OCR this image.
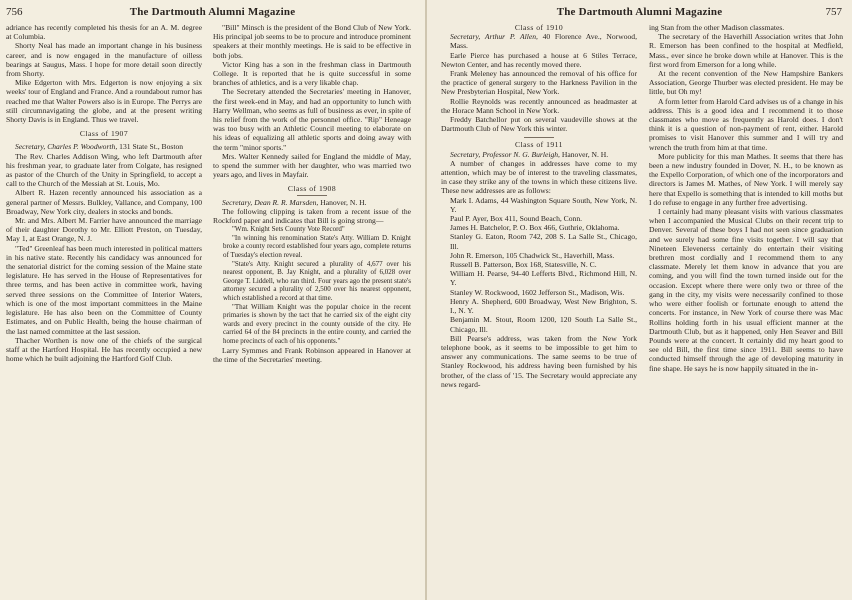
756	The Dartmouth Alumni Magazine

adriance has recently completed his thesis for an A. M. degree at Columbia.

Shorty Neal has made an important change in his business career, and is now engaged in the manufacture of oilless bearings at Saugus, Mass. I hope for more detail soon directly from Shorty.

Mike Edgerton with Mrs. Edgerton is now enjoying a six weeks' tour of England and France. And a roundabout rumor has reached me that Walter Powers also is in Europe. The Perrys are still circumnavigating the globe, and at the present writing Shorty Davis is in England. Thus we travel.

Class of 1907

Secretary, Charles P. Woodworth, 131 State St., Boston

The Rev. Charles Addison Wing, who left Dartmouth after his freshman year, to graduate later from Colgate, has resigned as pastor of the Church of the Unity in Springfield, to accept a call to the Church of the Messiah at St. Louis, Mo.

Albert R. Hazen recently announced his association as a general partner of Messrs. Bulkley, Vallance, and Company, 100 Broadway, New York city, dealers in stocks and bonds.

Mr. and Mrs. Albert M. Farrier have announced the marriage of their daughter Dorothy to Mr. Elliott Preston, on Tuesday, May 1, at East Orange, N. J.

"Ted" Greenleaf has been much interested in political matters in his native state. Recently his candidacy was announced for the senatorial district for the coming session of the Maine state legislature. He has served in the House of Representatives for three terms, and has been active in committee work, having served three sessions on the Committee of Interior Waters, which is one of the most important committees in the Maine legislature. He has also been on the Committee of County Estimates, and on Public Health, being the house chairman of the last named committee at the last session.

Thacher Worthen is now one of the chiefs of the surgical staff at the Hartford Hospital. He has recently occupied a new home which he built adjoining the Hartford Golf Club.

"Bill" Minsch is the president of the Bond Club of New York. His principal job seems to be to procure and introduce prominent speakers at their monthly meetings. He is said to be effective in both jobs.

Victor King has a son in the freshman class in Dartmouth College. It is reported that he is quite successful in some branches of athletics, and is a very likable chap.

The Secretary attended the Secretaries' meeting in Hanover, the first week-end in May, and had an opportunity to lunch with Harry Wellman, who seems as full of business as ever, in spite of his relief from the work of the personnel office. "Rip" Heneage was too busy with an Athletic Council meeting to elaborate on his ideas of equalizing all athletic sports and doing away with the term "minor sports."

Mrs. Walter Kennedy sailed for England the middle of May, to spend the summer with her daughter, who was married two years ago, and lives in Mayfair.

Class of 1908

Secretary, Dean R. R. Marsden, Hanover, N. H.

The following clipping is taken from a recent issue of the Rockford paper and indicates that Bill is going strong—

"Wm. Knight Sets County Vote Record"

"In winning his renomination State's Atty. William D. Knight broke a county record established four years ago, complete returns of Tuesday's election reveal.

"State's Atty. Knight secured a plurality of 4,677 over his nearest opponent, B. Jay Knight, and a plurality of 6,028 over George T. Liddell, who ran third. Four years ago the present state's attorney secured a plurality of 2,500 over his nearest opponent, which established a record at that time.

"That William Knight was the popular choice in the recent primaries is shown by the tact that he carried six of the eight city wards and every precinct in the county outside of the city. He carried 64 of the 84 precincts in the entire county, and carried the home precincts of each of his opponents."

Larry Symmes and Frank Robinson appeared in Hanover at the time of the Secretaries' meeting.

The Dartmouth Alumni Magazine	757

Class of 1910

Secretary, Arthur P. Allen, 40 Florence Ave., Norwood, Mass.

Earle Pierce has purchased a house at 6 Stiles Terrace, Newton Center, and has recently moved there.

Frank Meleney has announced the removal of his office for the practice of general surgery to the Harkness Pavilion in the New Presbyterian Hospital, New York.

Rollie Reynolds was recently announced as headmaster at the Horace Mann School in New York.

Freddy Batchellor put on several vaudeville shows at the Dartmouth Club of New York this winter.

Class of 1911

Secretary, Professor N. G. Burleigh, Hanover, N. H.

A number of changes in addresses have come to my attention, which may be of interest to the traveling classmates, in case they strike any of the towns in which these citizens live. These new addresses are as follows:

Mark I. Adams, 44 Washington Square South, New York, N. Y.

Paul P. Ayer, Box 411, Sound Beach, Conn.

James H. Batchelor, P. O. Box 466, Guthrie, Oklahoma.

Stanley G. Eaton, Room 742, 208 S. La Salle St., Chicago, Ill.

John R. Emerson, 105 Chadwick St., Haverhill, Mass.

Russell B. Patterson, Box 168, Statesville, N. C.

William H. Pearse, 94-40 Lefferts Blvd., Richmond Hill, N. Y.

Stanley W. Rockwood, 1602 Jefferson St., Madison, Wis.

Henry A. Shepherd, 600 Broadway, West New Brighton, S. I., N. Y.

Benjamin M. Stout, Room 1200, 120 South La Salle St., Chicago, Ill.

Bill Pearse's address, was taken from the New York telephone book, as it seems to be impossible to get him to answer any communications. The same seems to be true of Stanley Rockwood, his address having been furnished by his brother, of the class of '15. The Secretary would appreciate any news regard-

ing Stan from the other Madison classmates.

The secretary of the Haverhill Association writes that John R. Emerson has been confined to the hospital at Medfield, Mass., ever since he broke down while at Hanover. This is the first word from Emerson for a long while.

At the recent convention of the New Hampshire Bankers Association, George Thurber was elected president. He may be little, but Oh my!

A form letter from Harold Card advises us of a change in his address. This is a good idea and I recommend it to those classmates who move as frequently as Harold does. I don't think it is a question of non-payment of rent, either. Harold promises to visit Hanover this summer and I will try and wrench the truth from him at that time.

More publicity for this man Mathes. It seems that there has been a new industry founded in Dover, N. H., to be known as the Expello Corporation, of which one of the incorporators and directors is James M. Mathes, of New York. I will merely say here that Expello is something that is intended to kill moths but I do refuse to engage in any further free advertising.

I certainly had many pleasant visits with various classmates when I accompanied the Musical Clubs on their recent trip to Denver. Several of these boys I had not seen since graduation and we surely had some fine visits together. I will say that Nineteen Elevenerss certainly do entertain their visiting brethren most cordially and I recommend them to any classmate. Merely let them know in advance that you are coming, and you will find the town turned inside out for the occasion. Except where there were only two or three of the gang in the city, my visits were necessarily confined to those who were either foolish or fortunate enough to attend the concerts. For instance, in New York of course there was Mac Rollins holding forth in his usual efficient manner at the Dartmouth Club, but as it happened, only Hen Seaver and Bill Pounds were at the concert. It certainly did my heart good to see old Bill, the first time since 1911. Bill seems to have conducted himself through the age of developing maturity in fine shape. He says he is now happily situated in the in-
